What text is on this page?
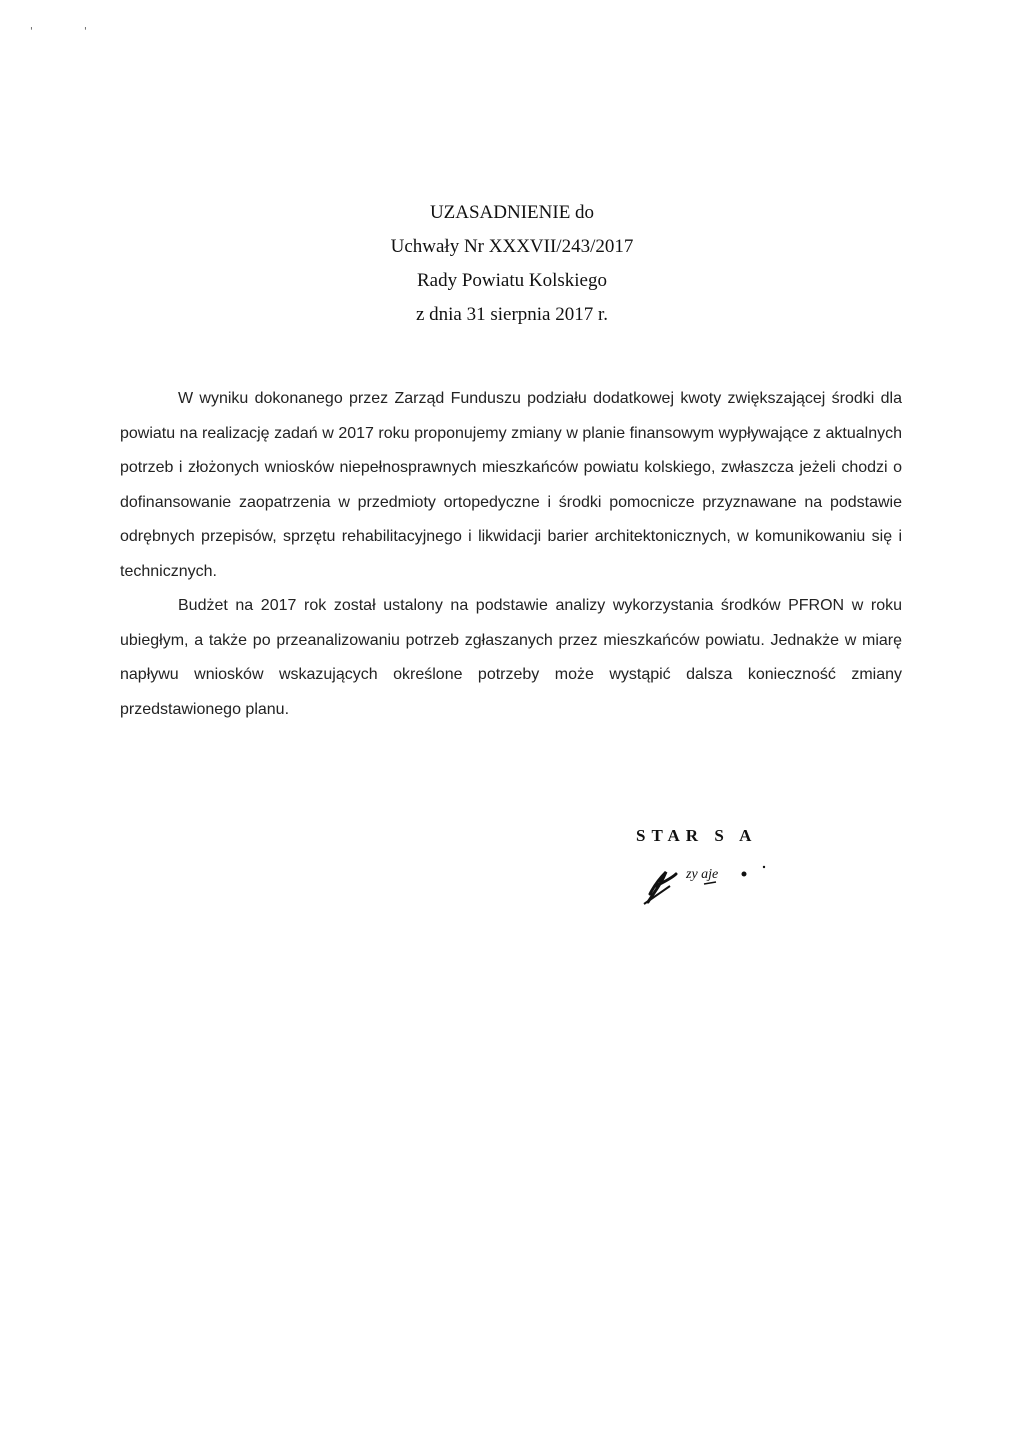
'	'
UZASADNIENIE do
Uchwały Nr XXXVII/243/2017
Rady Powiatu Kolskiego
z dnia 31 sierpnia 2017 r.

W wyniku dokonanego przez Zarząd Funduszu podziału dodatkowej kwoty zwiększającej środki dla powiatu na realizację zadań w 2017 roku proponujemy zmiany w planie finansowym wypływające z aktualnych potrzeb i złożonych wniosków niepełnosprawnych mieszkańców powiatu kolskiego, zwłaszcza jeżeli chodzi o dofinansowanie zaopatrzenia w przedmioty ortopedyczne i środki pomocnicze przyznawane na podstawie odrębnych przepisów, sprzętu rehabilitacyjnego i likwidacji barier architektonicznych, w komunikowaniu się i technicznych.

Budżet na 2017 rok został ustalony na podstawie analizy wykorzystania środków PFRON w roku ubiegłym, a także po przeanalizowaniu potrzeb zgłaszanych przez mieszkańców powiatu. Jednakże w miarę napływu wniosków wskazujących określone potrzeby może wystąpić dalsza konieczność zmiany przedstawionego planu.

STAR S A
zy aje
